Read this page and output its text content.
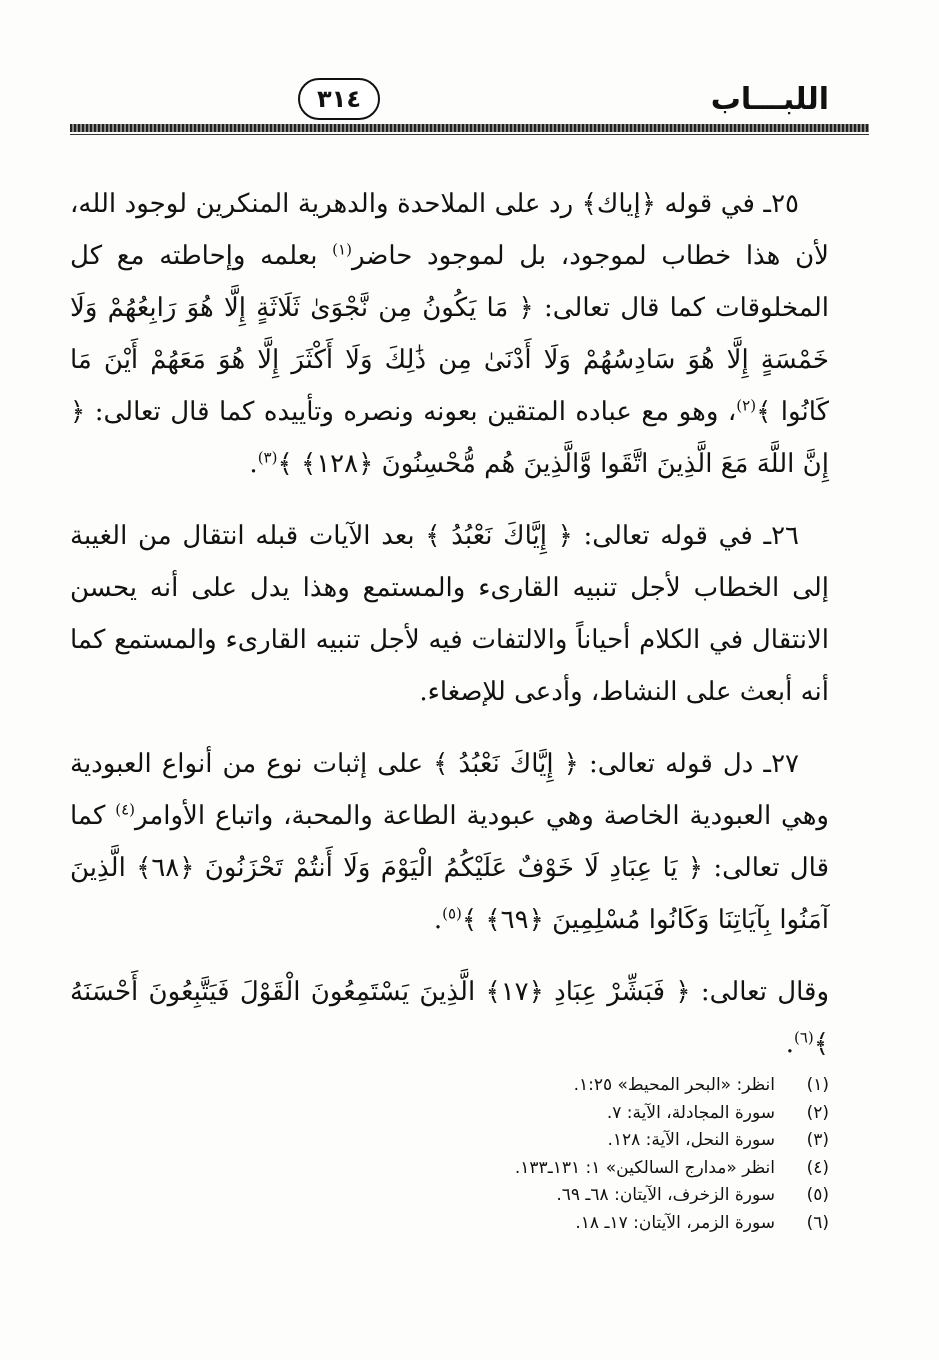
اللبـــاب
٣١٤

٢٥ـ في قوله ﴿إياك﴾ رد على الملاحدة والدهرية المنكرين لوجود الله، لأن هذا خطاب لموجود، بل لموجود حاضر$^{(١)}$ بعلمه وإحاطته مع كل المخلوقات كما قال تعالى: ﴿ مَا يَكُونُ مِن نَّجْوَىٰ ثَلَاثَةٍ إِلَّا هُوَ رَابِعُهُمْ وَلَا خَمْسَةٍ إِلَّا هُوَ سَادِسُهُمْ وَلَا أَدْنَىٰ مِن ذَٰلِكَ وَلَا أَكْثَرَ إِلَّا هُوَ مَعَهُمْ أَيْنَ مَا كَانُوا ﴾$^{(٢)}$، وهو مع عباده المتقين بعونه ونصره وتأييده كما قال تعالى: ﴿ إِنَّ اللَّهَ مَعَ الَّذِينَ اتَّقَوا وَّالَّذِينَ هُم مُّحْسِنُونَ ﴿١٢٨﴾ ﴾$^{(٣)}$.

٢٦ـ في قوله تعالى: ﴿ إِيَّاكَ نَعْبُدُ ﴾ بعد الآيات قبله انتقال من الغيبة إلى الخطاب لأجل تنبيه القارىء والمستمع وهذا يدل على أنه يحسن الانتقال في الكلام أحياناً والالتفات فيه لأجل تنبيه القارىء والمستمع كما أنه أبعث على النشاط، وأدعى للإصغاء.

٢٧ـ دل قوله تعالى: ﴿ إِيَّاكَ نَعْبُدُ ﴾ على إثبات نوع من أنواع العبودية وهي العبودية الخاصة وهي عبودية الطاعة والمحبة، واتباع الأوامر$^{(٤)}$ كما قال تعالى: ﴿ يَا عِبَادِ لَا خَوْفٌ عَلَيْكُمُ الْيَوْمَ وَلَا أَنتُمْ تَحْزَنُونَ ﴿٦٨﴾ الَّذِينَ آمَنُوا بِآيَاتِنَا وَكَانُوا مُسْلِمِينَ ﴿٦٩﴾ ﴾$^{(٥)}$.

وقال تعالى: ﴿ فَبَشِّرْ عِبَادِ ﴿١٧﴾ الَّذِينَ يَسْتَمِعُونَ الْقَوْلَ فَيَتَّبِعُونَ أَحْسَنَهُ ﴾$^{(٦)}$.

(١)
انظر: «البحر المحيط» ١:٢٥.
(٢)
سورة المجادلة، الآية: ٧.
(٣)
سورة النحل، الآية: ١٢٨.
(٤)
انظر «مدارج السالكين» ١: ١٣١ـ١٣٣.
(٥)
سورة الزخرف، الآيتان: ٦٨ـ ٦٩.
(٦)
سورة الزمر، الآيتان: ١٧ـ ١٨.
